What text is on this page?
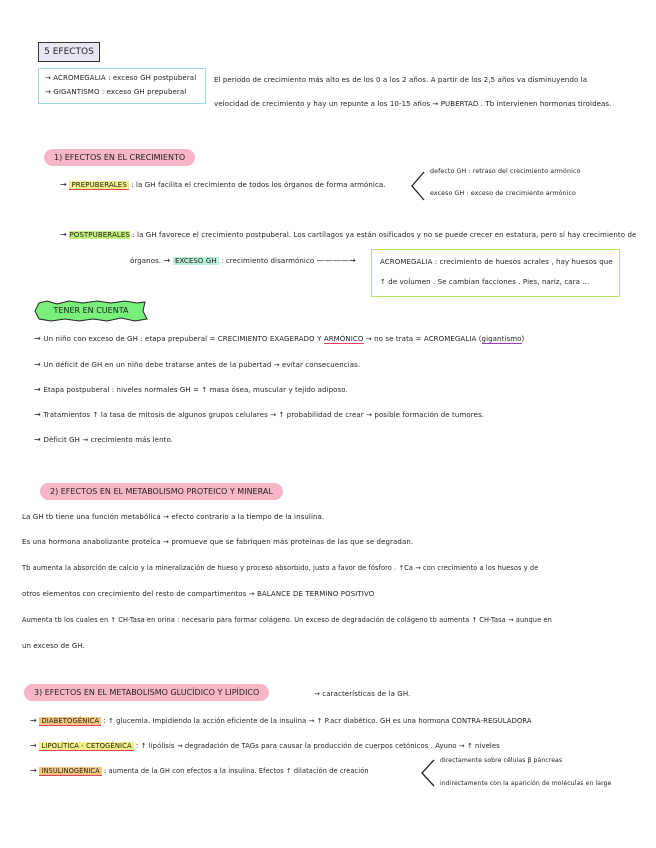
5 EFECTOS
→ ACROMEGALIA : exceso GH postpuberal
→ GIGANTISMO : exceso GH prepuberal
El periodo de crecimiento más alto es de los 0 a los 2 años. A partir de los 2,5 años va disminuyendo la
velocidad de crecimiento y hay un repunte a los 10-15 años → PUBERTAD . Tb intervienen hormonas tiroideas.
1) EFECTOS EN EL CRECIMIENTO
→ PREPUBERALES : la GH facilita el crecimiento de todos los órganos de forma armónica.
defecto GH : retraso del crecimiento armónico
exceso GH : exceso de crecimiento armónico
→ POSTPUBERALES : la GH favorece el crecimiento postpuberal. Los cartílagos ya están osificados y no se puede crecer en estatura, pero sí hay crecimiento de
órganos. → EXCESO GH : crecimiento disarmónico ————→	ACROMEGALIA : crecimiento de huesos acrales , hay huesos que
↑ de volumen . Se cambian facciones . Pies, nariz, cara ...
TENER EN CUENTA
→ Un niño con exceso de GH : etapa prepuberal = CRECIMIENTO EXAGERADO Y ARMÓNICO → no se trata = ACROMEGALIA (gigantismo)
→ Un déficit de GH en un niño debe tratarse antes de la pubertad → evitar consecuencias.
→ Etapa postpuberal : niveles normales GH = ↑ masa ósea, muscular y tejido adiposo.
→ Tratamientos ↑ la tasa de mitosis de algunos grupos celulares → ↑ probabilidad de crear → posible formación de tumores.
→ Déficit GH → crecimiento más lento.
2) EFECTOS EN EL METABOLISMO PROTEICO Y MINERAL
La GH tb tiene una función metabólica → efecto contrario a la tiempo de la insulina.
Es una hormona anabolizante proteica → promueve que se fabriquen más proteínas de las que se degradan.
Tb aumenta la absorción de calcio y la mineralización de hueso y proceso absorbido, justo a favor de fósforo . ↑Ca → con crecimiento a los huesos y de
otros elementos con crecimiento del resto de compartimentos → BALANCE DE TERMINO POSITIVO
Aumenta tb los cuales en ↑ CH-Tasa en orina : necesario para formar colágeno. Un exceso de degradación de colágeno tb aumenta ↑ CH-Tasa → aunque en
un exceso de GH.
3) EFECTOS EN EL METABOLISMO GLUCÍDICO Y LIPÍDICO	→ características de la GH.
→ DIABETOGÉNICA : ↑ glucemia. Impidiendo la acción eficiente de la insulina → ↑ P.acr diabético. GH es una hormona CONTRA-REGULADORA
→ LIPOLÍTICA - CETOGÉNICA : ↑ lipólisis → degradación de TAGs para causar la producción de cuerpos cetónicos . Ayuno → ↑ niveles
→ INSULINOGÉNICA : aumenta de la GH con efectos a la insulina. Efectos ↑ dilatación de creación
directamente sobre células β páncreas
indirectamente con la aparición de moléculas en large
